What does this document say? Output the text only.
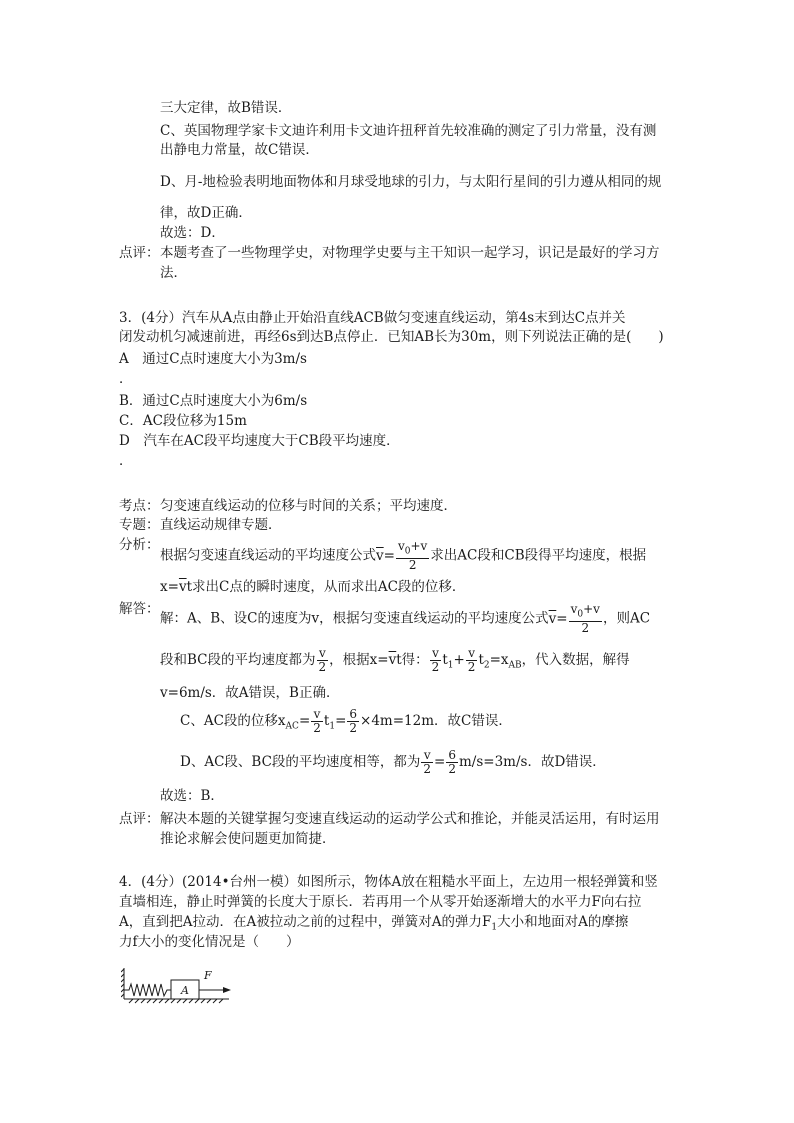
三大定律，故B错误．
C、英国物理学家卡文迪许利用卡文迪许扭秤首先较准确的测定了引力常量，没有测
出静电力常量，故C错误．
D、月-地检验表明地面物体和月球受地球的引力，与太阳行星间的引力遵从相同的规
律，故D正确．
故选：D．
点评： 本题考查了一些物理学史，对物理学史要与主干知识一起学习，识记是最好的学习方
法．
3．(4分）汽车从A点由静止开始沿直线ACB做匀变速直线运动，第4s末到达C点并关
闭发动机匀减速前进，再经6s到达B点停止．已知AB长为30m，则下列说法正确的是(　　)
A　通过C点时速度大小为3m/s
．
B．通过C点时速度大小为6m/s
C．AC段位移为15m
D　汽车在AC段平均速度大于CB段平均速度．
．
考点： 匀变速直线运动的位移与时间的关系；平均速度．
专题： 直线运动规律专题．
分析：
根据匀变速直线运动的平均速度公式$\overline{v}= \frac{v_0+v}{2}$ 求出AC段和CB段得平均速度，根据
$x=\overline{v}t$求出C点的瞬时速度，从而求出AC段的位移．
解答：
解：A、B、设C的速度为v，根据匀变速直线运动的平均速度公式$\overline{v}= \frac{v_0+v}{2}$ ，则AC
段和BC段的平均速度都为 $\frac{v}{2}$ ，根据$x=\overline{v}t$得： $\frac{v}{2} t_1+ \frac{v}{2} t_2=x_{AB}$，代入数据，解得
v=6m/s．故A错误，B正确．
C、AC段的位移$x_{AC}= \frac{v}{2} t_1= \frac{6}{2} \times 4m=12m$．故C错误．
D、AC段、BC段的平均速度相等，都为 $\frac{v}{2} = \frac{6}{2} m/s=3m/s$．故D错误．
故选：B．
点评： 解决本题的关键掌握匀变速直线运动的运动学公式和推论，并能灵活运用，有时运用
推论求解会使问题更加简捷．
4．(4分）(2014•台州一模）如图所示，物体A放在粗糙水平面上，左边用一根轻弹簧和竖
直墙相连，静止时弹簧的长度大于原长．若再用一个从零开始逐渐增大的水平力F向右拉
A，直到把A拉动．在A被拉动之前的过程中，弹簧对A的弹力$F_1$大小和地面对A的摩擦
力f大小的变化情况是（　　）
A
F
